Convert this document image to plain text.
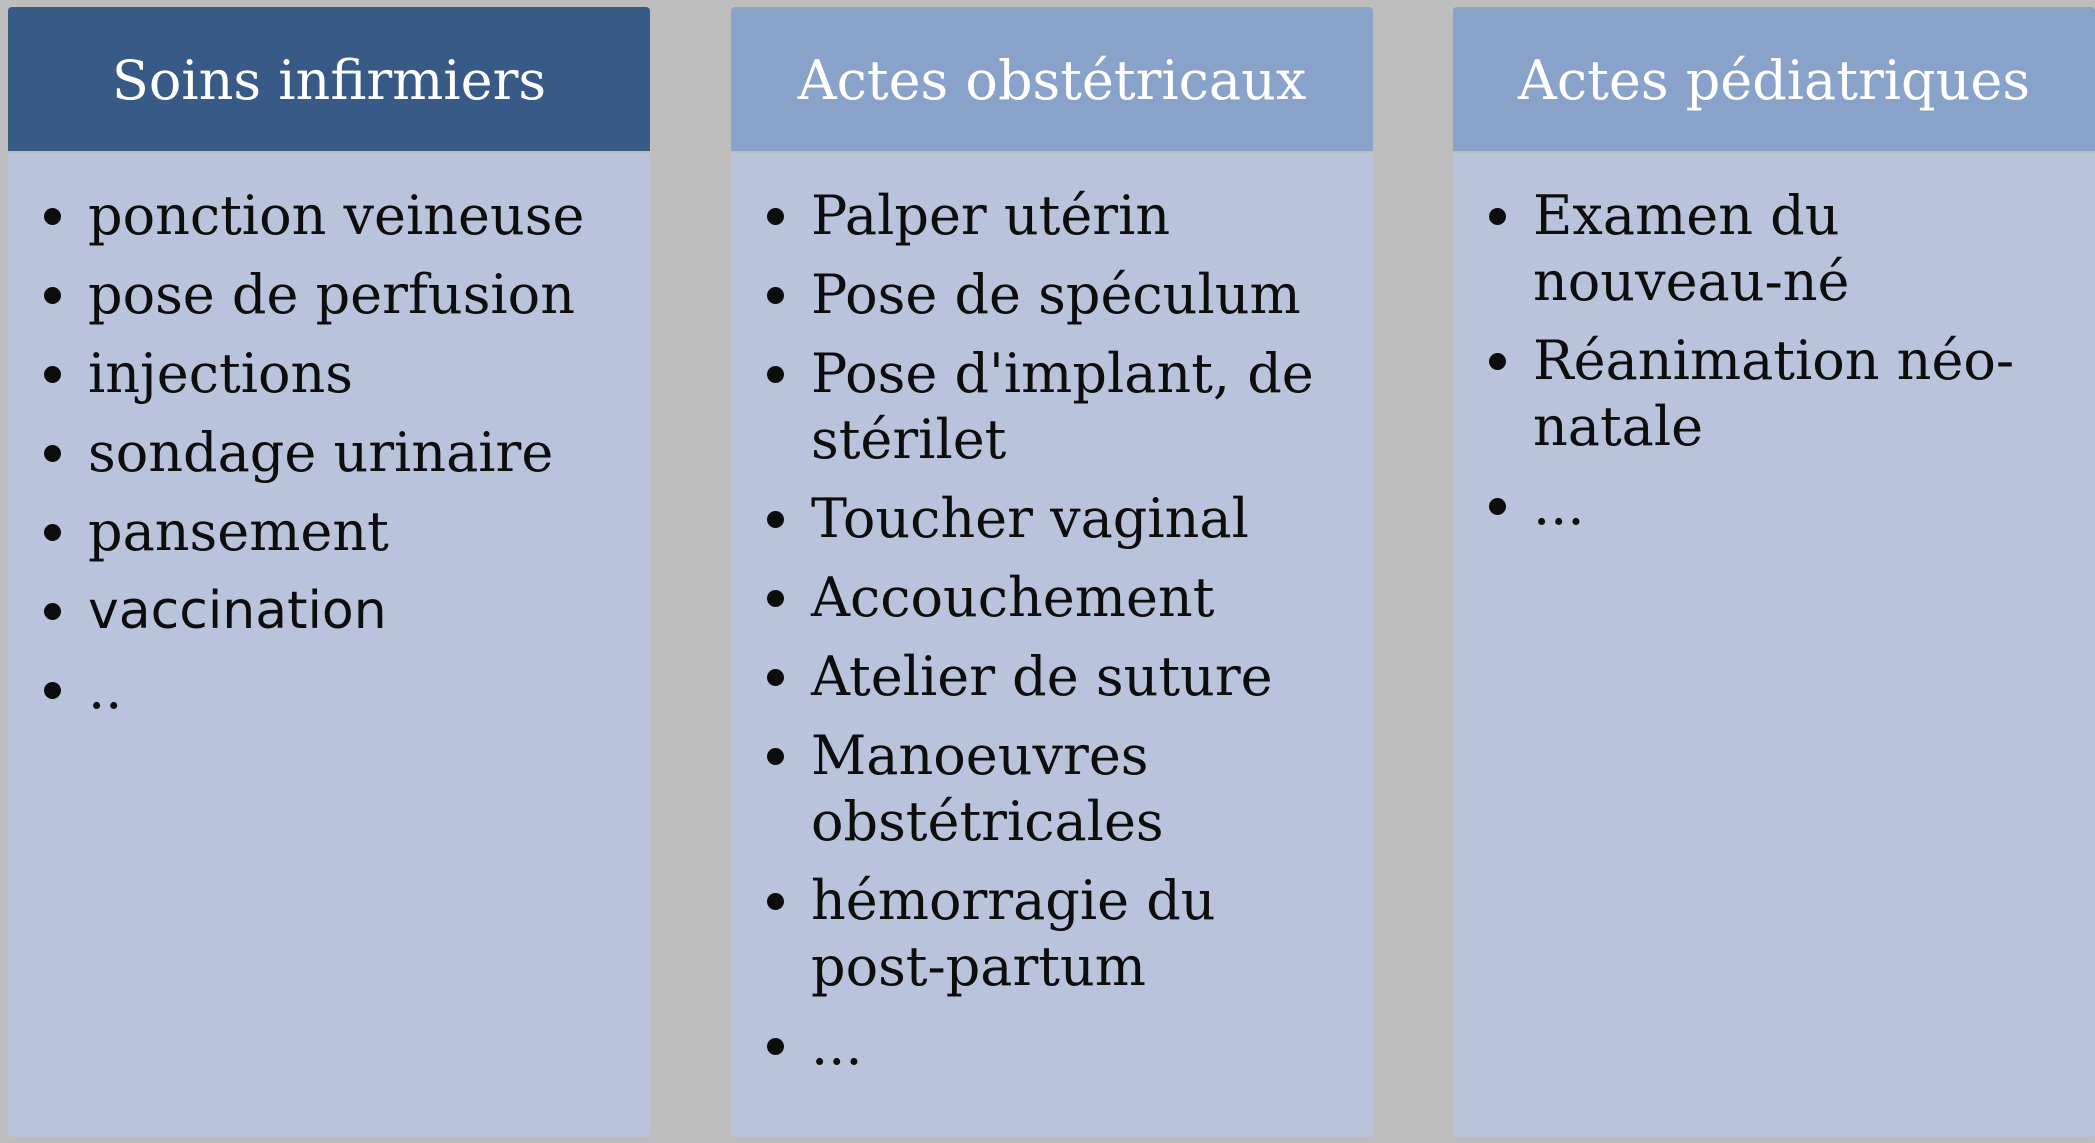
Soins infirmiers
ponction veineuse
pose de perfusion
injections
sondage urinaire
pansement
vaccination
..
Actes obstétricaux
Palper utérin
Pose de spéculum
Pose d'implant, de stérilet
Toucher vaginal
Accouchement
Atelier de suture
Manoeuvres obstétricales
hémorragie du post-partum
...
Actes pédiatriques
Examen du nouveau-né
Réanimation néo-natale
...
